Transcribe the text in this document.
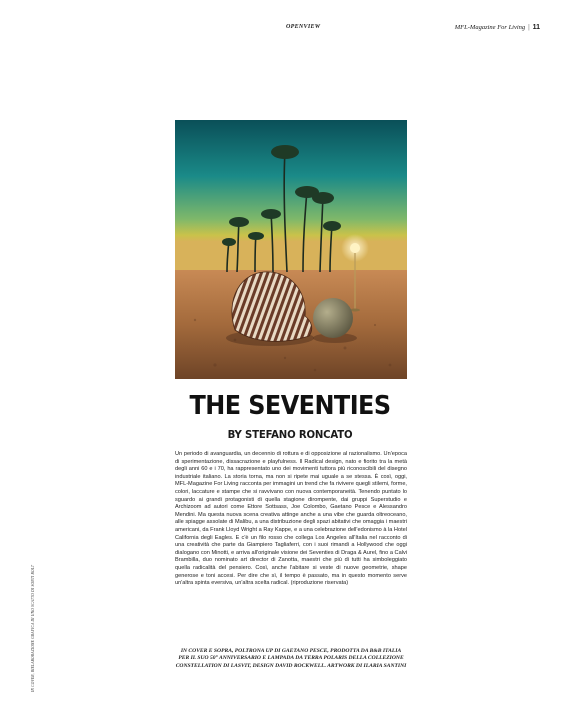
OPENVIEW	MFL-Magazine For Living | 11
THE SEVENTIES
BY STEFANO RONCATO
Un periodo di avanguardia, un decennio di rottura e di opposizione al razionalismo. Un'epoca di sperimentazione, dissacrazione e playfulness. Il Radical design, nato e fiorito tra la metà degli anni 60 e i 70, ha rappresentato uno dei movimenti tuttora più riconoscibili del disegno industriale italiano. La storia torna, ma non si ripete mai uguale a se stessa. È così, oggi, MFL-Magazine For Living racconta per immagini un trend che fa rivivere quegli stilemi, forme, colori, laccature e stampe che si ravvivano con nuova contemporaneità. Tenendo puntato lo sguardo ai grandi protagonisti di quella stagione dirompente, dai gruppi Superstudio e Archizoom ad autori come Ettore Sottsass, Joe Colombo, Gaetano Pesce e Alessandro Mendini. Ma questa nuova scena creativa attinge anche a una vibe che guarda oltreoceano, alle spiagge assolate di Malibu, a una distribuzione degli spazi abitativi che omaggia i maestri americani, da Frank Lloyd Wright a Ray Kappe, e a una celebrazione dell'edonismo à la Hotel California degli Eagles. E c'è un filo rosso che collega Los Angeles all'Italia nel racconto di una creatività che parte da Giampiero Tagliaferri, con i suoi rimandi a Hollywood che oggi dialogano con Minotti, e arriva all'originale visione dei Seventies di Draga & Aurel, fino a Calvi Brambilla, duo nominato art director di Zanotta, maestri che più di tutti ha simboleggiato quella radicalità del pensiero. Così, anche l'abitare si veste di nuove geometrie, shape generose e toni accesi. Per dire che sì, il tempo è passato, ma in questo momento serve un'altra spinta eversiva, un'altra scelta radical. (riproduzione riservata)
IN COVER E SOPRA, POLTRONA UP DI GAETANO PESCE, PRODOTTA DA B&B ITALIA PER IL SUO 50° ANNIVERSARIO E LAMPADA DA TERRA POLARIS DELLA COLLEZIONE CONSTELLATION DI LASVIT, DESIGN DAVID ROCKWELL. ARTWORK DI ILARIA SANTINI
IN COVER, RIELABORAZIONE GRAFICA DI UNO SCATTO DI SONTI BOLT
